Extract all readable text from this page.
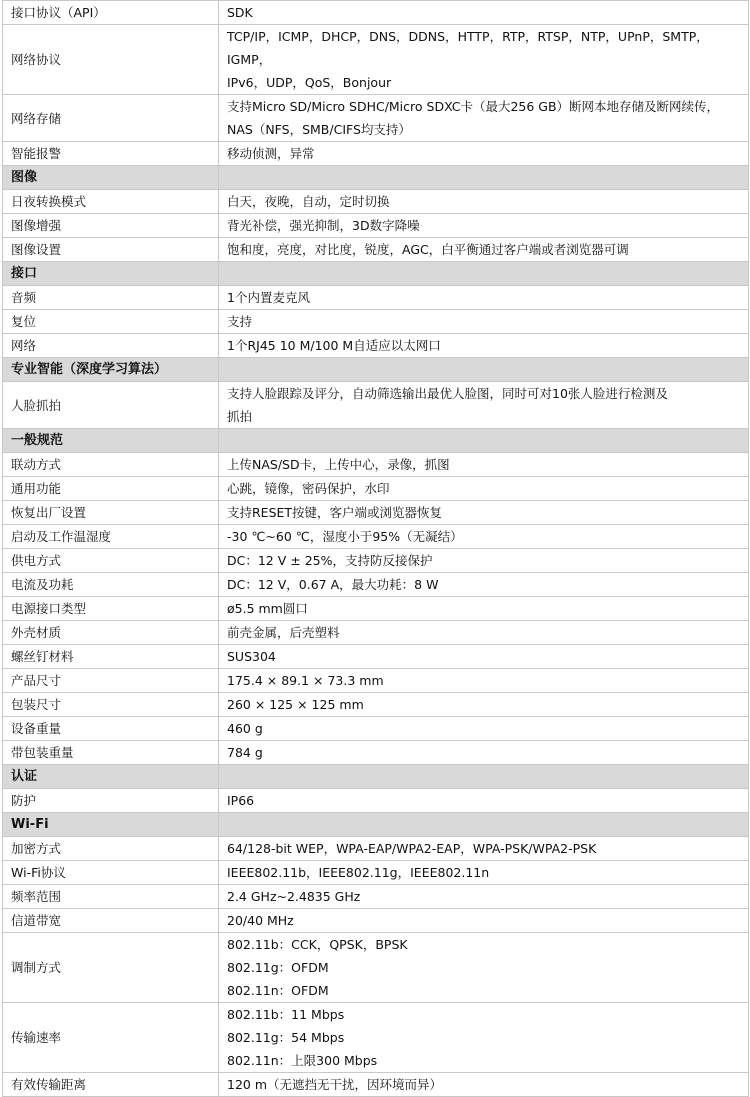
接口协议（API）	SDK

网络协议	TCP/IP，ICMP，DHCP，DNS，DDNS，HTTP，RTP，RTSP，NTP，UPnP，SMTP，IGMP，
IPv6，UDP，QoS，Bonjour

网络存储	支持Micro SD/Micro SDHC/Micro SDXC卡（最大256 GB）断网本地存储及断网续传，
NAS（NFS，SMB/CIFS均支持）

智能报警	移动侦测，异常

图像	
日夜转换模式	白天，夜晚，自动，定时切换

图像增强	背光补偿，强光抑制，3D数字降噪

图像设置	饱和度，亮度，对比度，锐度，AGC，白平衡通过客户端或者浏览器可调

接口	
音频	1个内置麦克风

复位	支持

网络	1个RJ45 10 M/100 M自适应以太网口

专业智能（深度学习算法）	
人脸抓拍	支持人脸跟踪及评分，自动筛选输出最优人脸图，同时可对10张人脸进行检测及
抓拍

一般规范	
联动方式	上传NAS/SD卡，上传中心，录像，抓图

通用功能	心跳，镜像，密码保护，水印

恢复出厂设置	支持RESET按键，客户端或浏览器恢复

启动及工作温湿度	-30 ℃~60 ℃，湿度小于95%（无凝结）

供电方式	DC：12 V ± 25%，支持防反接保护

电流及功耗	DC：12 V，0.67 A，最大功耗：8 W

电源接口类型	ø5.5 mm圆口

外壳材质	前壳金属，后壳塑料

螺丝钉材料	SUS304

产品尺寸	175.4 × 89.1 × 73.3 mm

包装尺寸	260 × 125 × 125 mm

设备重量	460 g

带包装重量	784 g

认证	
防护	IP66

Wi-Fi	
加密方式	64/128-bit WEP，WPA-EAP/WPA2-EAP，WPA-PSK/WPA2-PSK

Wi-Fi协议	IEEE802.11b，IEEE802.11g，IEEE802.11n

频率范围	2.4 GHz~2.4835 GHz

信道带宽	20/40 MHz

调制方式	802.11b：CCK，QPSK，BPSK
802.11g：OFDM
802.11n：OFDM

传输速率	802.11b：11 Mbps
802.11g：54 Mbps
802.11n：上限300 Mbps

有效传输距离	120 m（无遮挡无干扰，因环境而异）
